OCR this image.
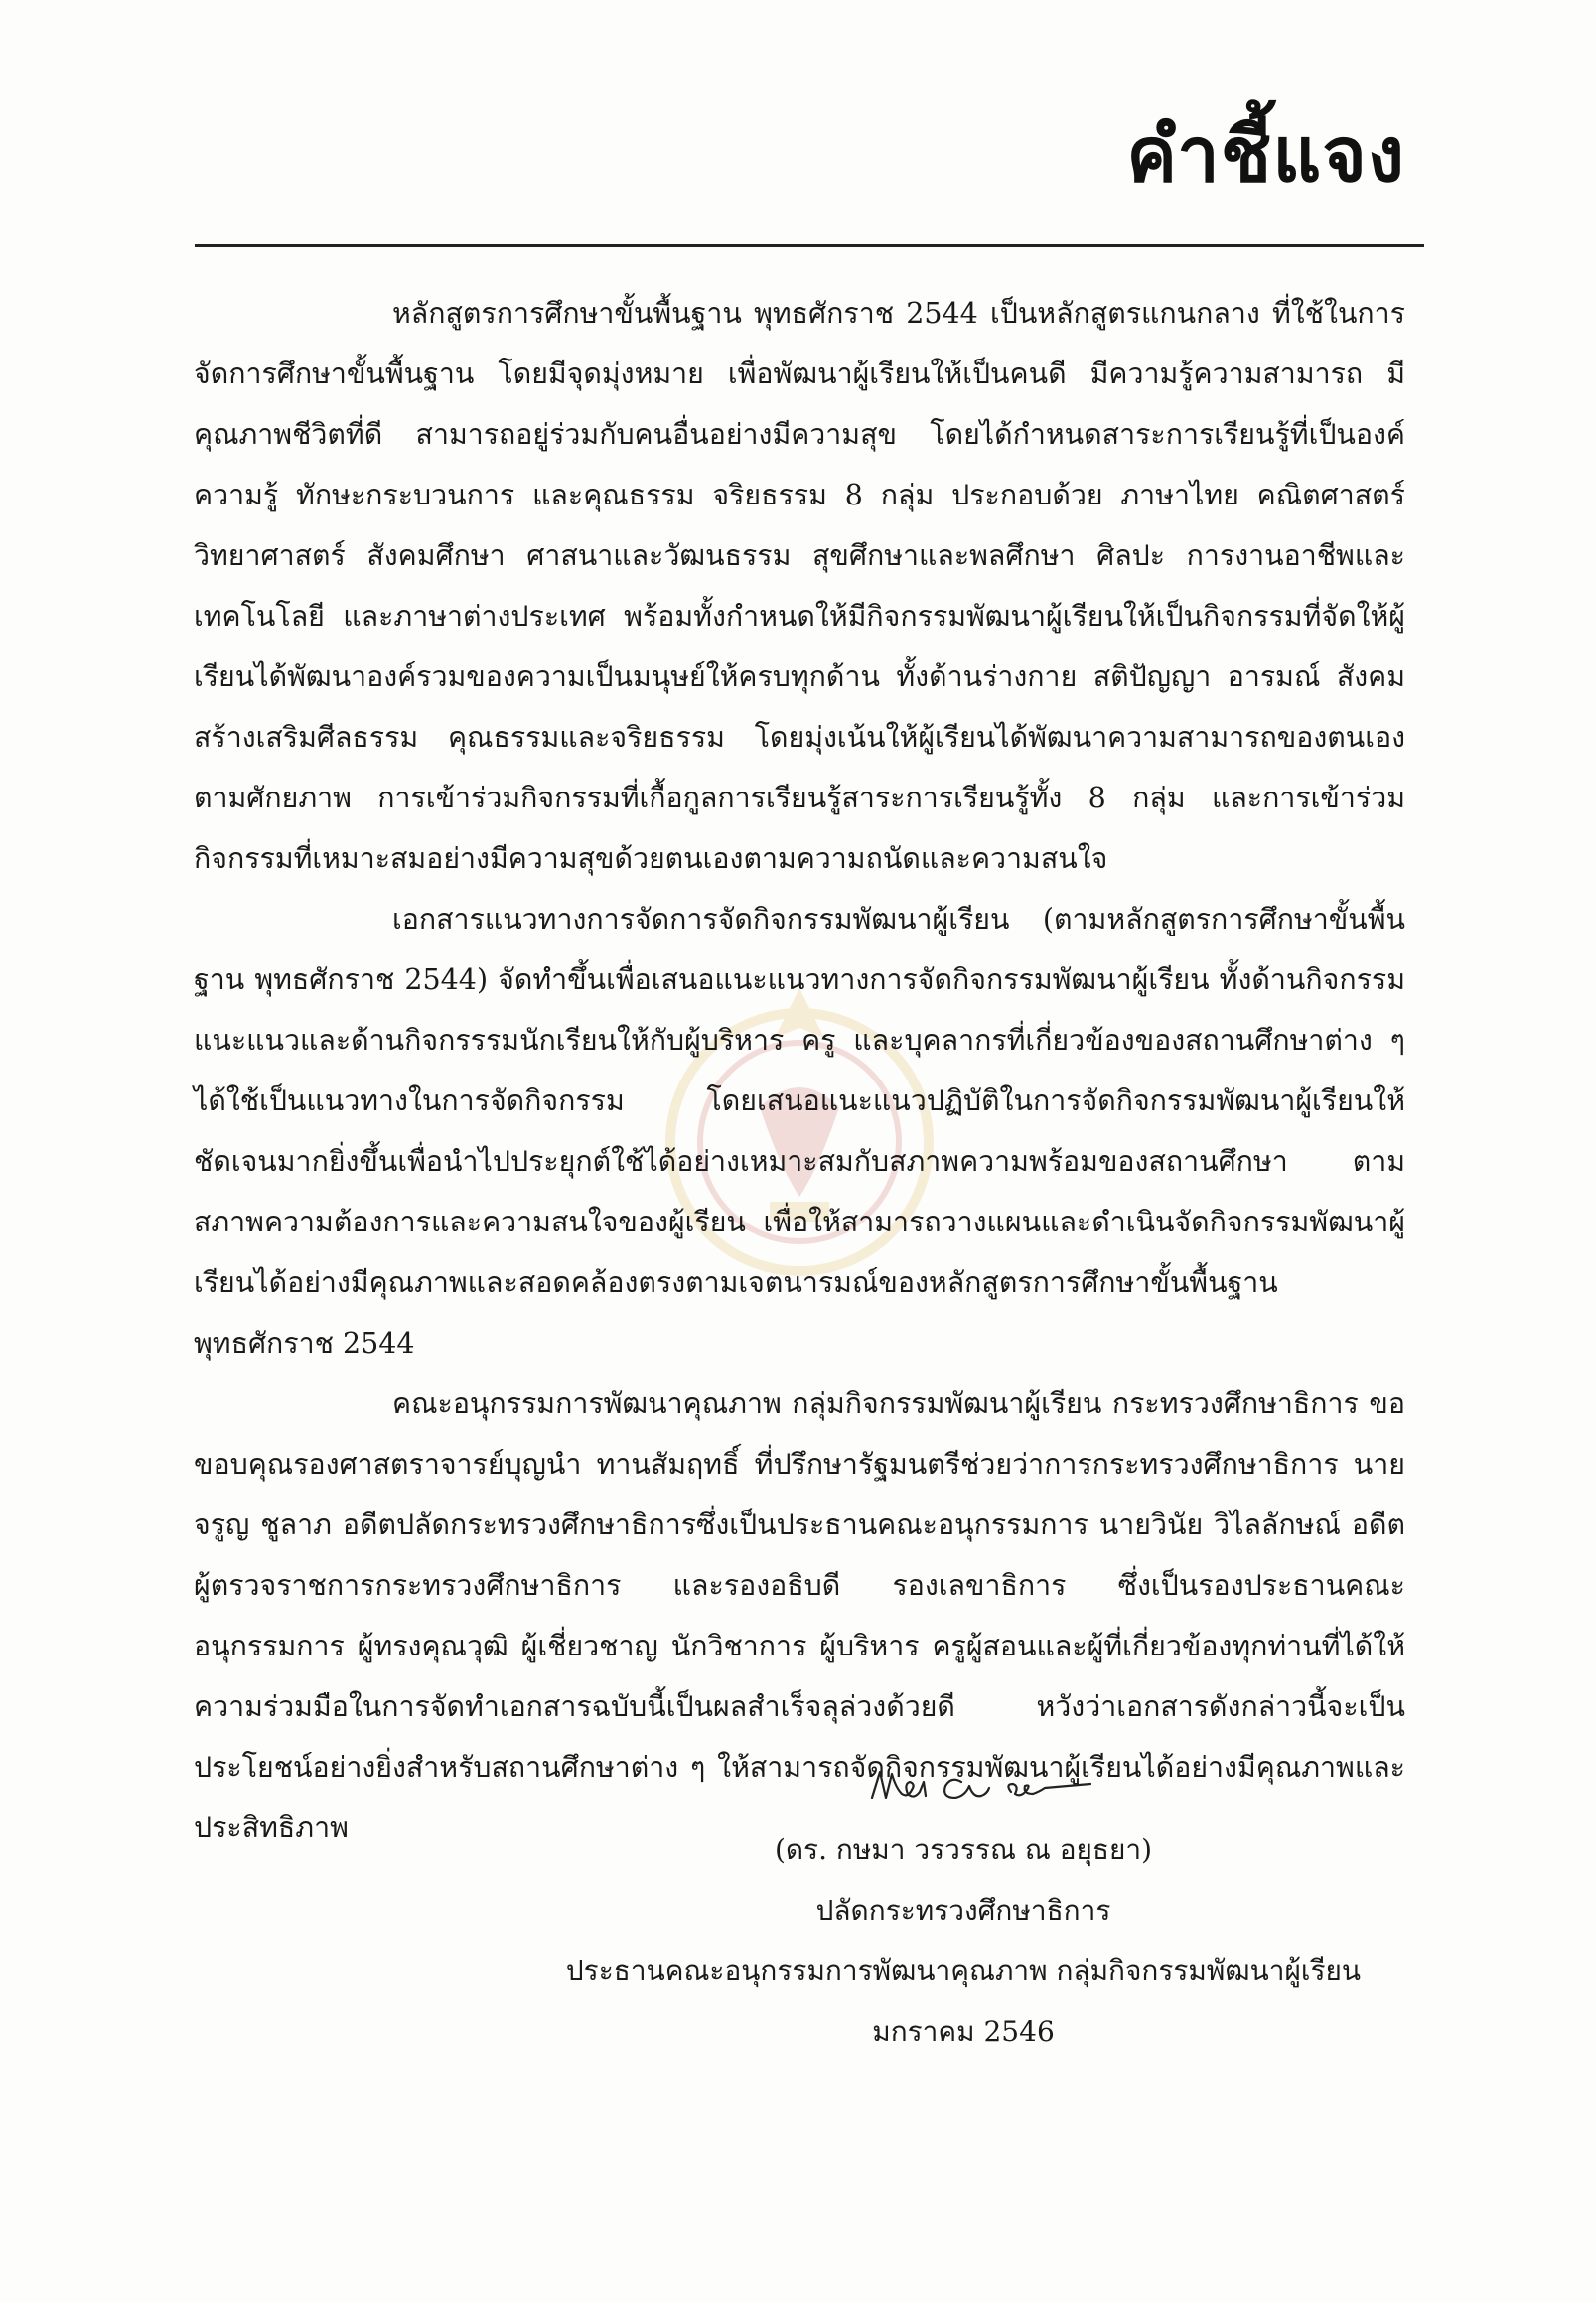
คำชี้แจง

หลักสูตรการศึกษาขั้นพื้นฐาน พุทธศักราช 2544 เป็นหลักสูตรแกนกลาง ที่ใช้ในการจัดการศึกษาขั้นพื้นฐาน โดยมีจุดมุ่งหมาย เพื่อพัฒนาผู้เรียนให้เป็นคนดี มีความรู้ความสามารถ มีคุณภาพชีวิตที่ดี สามารถอยู่ร่วมกับคนอื่นอย่างมีความสุข โดยได้กำหนดสาระการเรียนรู้ที่เป็นองค์ความรู้ ทักษะกระบวนการ และคุณธรรม จริยธรรม 8 กลุ่ม ประกอบด้วย ภาษาไทย คณิตศาสตร์ วิทยาศาสตร์ สังคมศึกษา ศาสนาและวัฒนธรรม สุขศึกษาและพลศึกษา ศิลปะ การงานอาชีพและเทคโนโลยี และภาษาต่างประเทศ พร้อมทั้งกำหนดให้มีกิจกรรมพัฒนาผู้เรียนให้เป็นกิจกรรมที่จัดให้ผู้เรียนได้พัฒนาองค์รวมของความเป็นมนุษย์ให้ครบทุกด้าน ทั้งด้านร่างกาย สติปัญญา อารมณ์ สังคม สร้างเสริมศีลธรรม คุณธรรมและจริยธรรม โดยมุ่งเน้นให้ผู้เรียนได้พัฒนาความสามารถของตนเองตามศักยภาพ การเข้าร่วมกิจกรรมที่เกื้อกูลการเรียนรู้สาระการเรียนรู้ทั้ง 8 กลุ่ม และการเข้าร่วมกิจกรรมที่เหมาะสมอย่างมีความสุขด้วยตนเองตามความถนัดและความสนใจ

เอกสารแนวทางการจัดการจัดกิจกรรมพัฒนาผู้เรียน (ตามหลักสูตรการศึกษาขั้นพื้นฐาน พุทธศักราช 2544) จัดทำขึ้นเพื่อเสนอแนะแนวทางการจัดกิจกรรมพัฒนาผู้เรียน ทั้งด้านกิจกรรมแนะแนวและด้านกิจกรรรมนักเรียนให้กับผู้บริหาร ครู และบุคลากรที่เกี่ยวข้องของสถานศึกษาต่าง ๆ ได้ใช้เป็นแนวทางในการจัดกิจกรรม โดยเสนอแนะแนวปฏิบัติในการจัดกิจกรรมพัฒนาผู้เรียนให้ชัดเจนมากยิ่งขึ้นเพื่อนำไปประยุกต์ใช้ได้อย่างเหมาะสมกับสภาพความพร้อมของสถานศึกษา ตามสภาพความต้องการและความสนใจของผู้เรียน เพื่อให้สามารถวางแผนและดำเนินจัดกิจกรรมพัฒนาผู้เรียนได้อย่างมีคุณภาพและสอดคล้องตรงตามเจตนารมณ์ของหลักสูตรการศึกษาขั้นพื้นฐาน พุทธศักราช 2544

คณะอนุกรรมการพัฒนาคุณภาพ กลุ่มกิจกรรมพัฒนาผู้เรียน กระทรวงศึกษาธิการ ขอขอบคุณรองศาสตราจารย์บุญนำ ทานสัมฤทธิ์ ที่ปรึกษารัฐมนตรีช่วยว่าการกระทรวงศึกษาธิการ นายจรูญ ชูลาภ อดีตปลัดกระทรวงศึกษาธิการซึ่งเป็นประธานคณะอนุกรรมการ นายวินัย วิไลลักษณ์ อดีตผู้ตรวจราชการกระทรวงศึกษาธิการ และรองอธิบดี รองเลขาธิการ ซึ่งเป็นรองประธานคณะอนุกรรมการ ผู้ทรงคุณวุฒิ ผู้เชี่ยวชาญ นักวิชาการ ผู้บริหาร ครูผู้สอนและผู้ที่เกี่ยวข้องทุกท่านที่ได้ให้ความร่วมมือในการจัดทำเอกสารฉบับนี้เป็นผลสำเร็จลุล่วงด้วยดี หวังว่าเอกสารดังกล่าวนี้จะเป็นประโยชน์อย่างยิ่งสำหรับสถานศึกษาต่าง ๆ ให้สามารถจัดกิจกรรมพัฒนาผู้เรียนได้อย่างมีคุณภาพและประสิทธิภาพ

(ดร. กษมา วรวรรณ ณ อยุธยา)
ปลัดกระทรวงศึกษาธิการ
ประธานคณะอนุกรรมการพัฒนาคุณภาพ กลุ่มกิจกรรมพัฒนาผู้เรียน
มกราคม 2546
